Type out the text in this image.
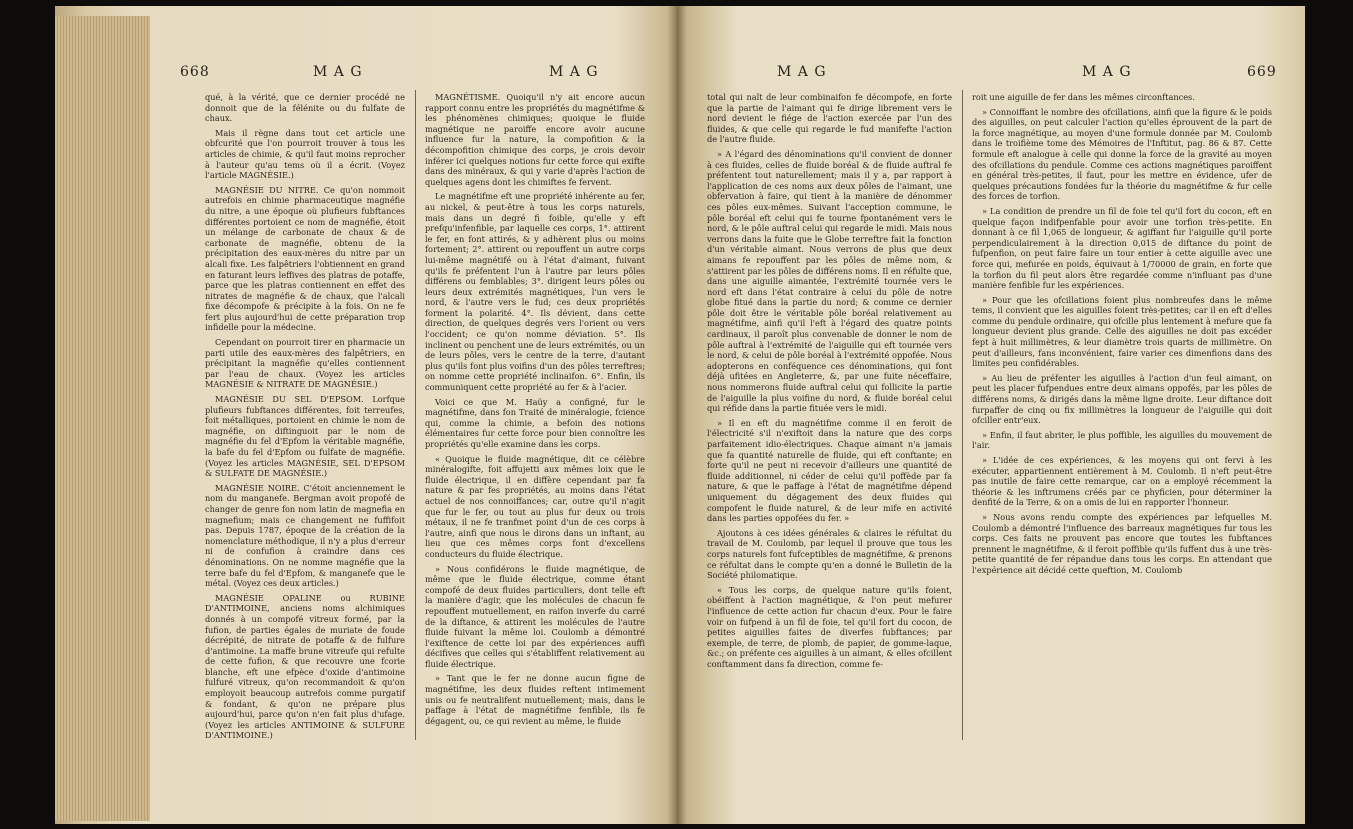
668	M A G	M A G

qué, à la vérité, que ce dernier procédé ne donnoit que de la félénite ou du fulfate de chaux.

Mais il règne dans tout cet article une obfcurité que l'on pourroit trouver à tous les articles de chimie, & qu'il faut moins reprocher à l'auteur qu'au tems où il a écrit. (Voyez l'article MAGNÉSIE.)

MAGNÉSIE DU NITRE. Ce qu'on nommoit autrefois en chimie pharmaceutique magnéfie du nitre, a une époque où plufieurs fubftances différentes portoient ce nom de magnéfie, étoit un mélange de carbonate de chaux & de carbonate de magnéfie, obtenu de la précipitation des eaux-mères du nitre par un alcali fixe. Les falpêtriers l'obtiennent en grand en faturant leurs leffives des platras de potaffe, parce que les platras contiennent en effet des nitrates de magnéfie & de chaux, que l'alcali fixe décompofe & précipite à la fois. On ne fe fert plus aujourd'hui de cette préparation trop infidelle pour la médecine.

Cependant on pourroit tirer en pharmacie un parti utile des eaux-mères des falpêtriers, en précipitant la magnéfie qu'elles contiennent par l'eau de chaux. (Voyez les articles MAGNÉSIE & NITRATE DE MAGNÉSIE.)

MAGNÉSIE DU SEL D'EPSOM. Lorfque plufieurs fubftances différentes, foit terreufes, foit métalliques, portoient en chimie le nom de magnéfie, on diftinguoit par le nom de magnéfie du fel d'Epfom la véritable magnéfie, la bafe du fel d'Epfom ou fulfate de magnéfie. (Voyez les articles MAGNÉSIE, SEL D'EPSOM & SULFATE DE MAGNÉSIE.)

MAGNÉSIE NOIRE. C'étoit anciennement le nom du manganefe. Bergman avoit propofé de changer de genre fon nom latin de magnefia en magnefium; mais ce changement ne fuffifoit pas. Depuis 1787, époque de la création de la nomenclature méthodique, il n'y a plus d'erreur ni de confufion à craindre dans ces dénominations. On ne nomme magnéfie que la terre bafe du fel d'Epfom, & manganefe que le métal. (Voyez ces deux articles.)

MAGNÉSIE OPALINE ou RUBINE D'ANTIMOINE, anciens noms alchimiques donnés à un compofé vitreux formé, par la fufion, de parties égales de muriate de foude décrépité, de nitrate de potaffe & de fulfure d'antimoine. La maffe brune vitreufe qui refulte de cette fufion, & que recouvre une fcorie blanche, eft une efpèce d'oxide d'antimoine fulfuré vitreux, qu'on recommandoit & qu'on employoit beaucoup autrefois comme purgatif & fondant, & qu'on ne prépare plus aujourd'hui, parce qu'on n'en fait plus d'ufage. (Voyez les articles ANTIMOINE & SULFURE D'ANTIMOINE.)

MAGNÉTISME. Quoiqu'il n'y ait encore aucun rapport connu entre les propriétés du magnétifme & les phénomènes chimiques; quoique le fluide magnétique ne paroiffe encore avoir aucune influence fur la nature, la compofition & la décompofition chimique des corps, je crois devoir inférer ici quelques notions fur cette force qui exifte dans des minéraux, & qui y varie d'après l'action de quelques agens dont les chimiftes fe fervent.

Le magnétifme eft une propriété inhérente au fer, au nickel, & peut-être à tous les corps naturels, mais dans un degré fi foible, qu'elle y eft prefqu'infenfible, par laquelle ces corps, 1°. attirent le fer, en font attirés, & y adhèrent plus ou moins fortement; 2°. attirent ou repouffent un autre corps lui-même magnétifé ou à l'état d'aimant, fuivant qu'ils fe préfentent l'un à l'autre par leurs pôles différens ou femblables; 3°. dirigent leurs pôles ou leurs deux extrémités magnétiques, l'un vers le nord, & l'autre vers le fud; ces deux propriétés forment la polarité. 4°. Ils dévient, dans cette direction, de quelques degrés vers l'orient ou vers l'occident; ce qu'on nomme déviation. 5°. Ils inclinent ou penchent une de leurs extrémités, ou un de leurs pôles, vers le centre de la terre, d'autant plus qu'ils font plus voifins d'un des pôles terreftres; on nomme cette propriété inclinaifon. 6°. Enfin, ils communiquent cette propriété au fer & à l'acier.

Voici ce que M. Haüy a configné, fur le magnétifme, dans fon Traité de minéralogie, fcience qui, comme la chimie, a befoin des notions élémentaires fur cette force pour bien connoître les propriétés qu'elle examine dans les corps.

« Quoique le fluide magnétique, dit ce célèbre minéralogifte, foit affujetti aux mêmes loix que le fluide électrique, il en diffère cependant par fa nature & par fes propriétés, au moins dans l'état actuel de nos connoiffances; car, outre qu'il n'agit que fur le fer, ou tout au plus fur deux ou trois métaux, il ne fe tranfmet point d'un de ces corps à l'autre, ainfi que nous le dirons dans un inftant, au lieu que ces mêmes corps font d'excellens conducteurs du fluide électrique.

» Nous confidérons le fluide magnétique, de même que le fluide électrique, comme étant compofé de deux fluides particuliers, dont telle eft la manière d'agir, que les molécules de chacun fe repouffent mutuellement, en raifon inverfe du carré de la diftance, & attirent les molécules de l'autre fluide fuivant la même loi. Coulomb a démontré l'exiftence de cette loi par des expériences auffi décifives que celles qui s'établiffent relativement au fluide électrique.

» Tant que le fer ne donne aucun figne de magnétifme, les deux fluides reftent intimement unis ou fe neutralifent mutuellement; mais, dans le paffage à l'état de magnétifme fenfible, ils fe dégagent, ou, ce qui revient au même, le fluide

M A G	M A G	669

total qui naît de leur combinaifon fe décompofe, en forte que la partie de l'aimant qui fe dirige librement vers le nord devient le fiége de l'action exercée par l'un des fluides, & que celle qui regarde le fud manifefte l'action de l'autre fluide.

» A l'égard des dénominations qu'il convient de donner à ces fluides, celles de fluide boréal & de fluide auftral fe préfentent tout naturellement; mais il y a, par rapport à l'application de ces noms aux deux pôles de l'aimant, une obfervation à faire, qui tient à la manière de dénommer ces pôles eux-mêmes. Suivant l'acception commune, le pôle boréal eft celui qui fe tourne fpontanément vers le nord, & le pôle auftral celui qui regarde le midi. Mais nous verrons dans la fuite que le Globe terreftre fait la fonction d'un véritable aimant. Nous verrons de plus que deux aimans fe repouffent par les pôles de même nom, & s'attirent par les pôles de différens noms. Il en réfulte que, dans une aiguille aimantée, l'extrémité tournée vers le nord eft dans l'état contraire à celui du pôle de notre globe fitué dans la partie du nord; & comme ce dernier pôle doit être le véritable pôle boréal relativement au magnétifme, ainfi qu'il l'eft à l'égard des quatre points cardinaux, il paroît plus convenable de donner le nom de pôle auftral à l'extrémité de l'aiguille qui eft tournée vers le nord, & celui de pôle boréal à l'extrémité oppofée. Nous adopterons en conféquence ces dénominations, qui font déjà ufitées en Angleterre, &, par une fuite néceffaire, nous nommerons fluide auftral celui qui follicite la partie de l'aiguille la plus voifine du nord, & fluide boréal celui qui réfide dans la partie fituée vers le midi.

» Il en eft du magnétifme comme il en feroit de l'électricité s'il n'exiftoit dans la nature que des corps parfaitement idio-électriques. Chaque aimant n'a jamais que fa quantité naturelle de fluide, qui eft conftante; en forte qu'il ne peut ni recevoir d'ailleurs une quantité de fluide additionnel, ni céder de celui qu'il poffède par fa nature, & que le paffage à l'état de magnétifme dépend uniquement du dégagement des deux fluides qui compofent le fluide naturel, & de leur mife en activité dans les parties oppofées du fer. »

Ajoutons à ces idées générales & claires le réfultat du travail de M. Coulomb, par lequel il prouve que tous les corps naturels font fufceptibles de magnétifme, & prenons ce réfultat dans le compte qu'en a donné le Bulletin de la Société philomatique.

« Tous les corps, de quelque nature qu'ils foient, obéiffent à l'action magnétique, & l'on peut mefurer l'influence de cette action fur chacun d'eux. Pour le faire voir on fufpend à un fil de foie, tel qu'il fort du cocon, de petites aiguilles faites de diverfes fubftances; par exemple, de terre, de plomb, de papier, de gomme-laque, &c.; on préfente ces aiguilles à un aimant, & elles ofcillent conftamment dans fa direction, comme fe-

roit une aiguille de fer dans les mêmes circonftances.

» Connoiffant le nombre des ofcillations, ainfi que la figure & le poids des aiguilles, on peut calculer l'action qu'elles éprouvent de la part de la force magnétique, au moyen d'une formule donnée par M. Coulomb dans le troifième tome des Mémoires de l'Inftitut, pag. 86 & 87. Cette formule eft analogue à celle qui donne la force de la gravité au moyen des ofcillations du pendule. Comme ces actions magnétiques paroiffent en général très-petites, il faut, pour les mettre en évidence, ufer de quelques précautions fondées fur la théorie du magnétifme & fur celle des forces de torfion.

» La condition de prendre un fil de foie tel qu'il fort du cocon, eft en quelque façon indifpenfable pour avoir une torfion très-petite. En donnant à ce fil 1,065 de longueur, & agiffant fur l'aiguille qu'il porte perpendiculairement à la direction 0,015 de diftance du point de fufpenfion, on peut faire faire un tour entier à cette aiguille avec une force qui, mefurée en poids, équivaut à 1/70000 de grain, en forte que la torfion du fil peut alors être regardée comme n'influant pas d'une manière fenfible fur les expériences.

» Pour que les ofcillations foient plus nombreufes dans le même tems, il convient que les aiguilles foient très-petites; car il en eft d'elles comme du pendule ordinaire, qui ofcille plus lentement à mefure que fa longueur devient plus grande. Celle des aiguilles ne doit pas excéder fept à huit millimètres, & leur diamètre trois quarts de millimètre. On peut d'ailleurs, fans inconvénient, faire varier ces dimenfions dans des limites peu confidérables.

» Au lieu de préfenter les aiguilles à l'action d'un feul aimant, on peut les placer fufpendues entre deux aimans oppofés, par les pôles de différens noms, & dirigés dans la même ligne droite. Leur diftance doit furpaffer de cinq ou fix millimètres la longueur de l'aiguille qui doit ofciller entr'eux.

» Enfin, il faut abriter, le plus poffible, les aiguilles du mouvement de l'air.

» L'idée de ces expériences, & les moyens qui ont fervi à les exécuter, appartiennent entièrement à M. Coulomb. Il n'eft peut-être pas inutile de faire cette remarque, car on a employé récemment la théorie & les inftrumens créés par ce phyficien, pour déterminer la denfité de la Terre, & on a omis de lui en rapporter l'honneur.

» Nous avons rendu compte des expériences par lefquelles M. Coulomb a démontré l'influence des barreaux magnétiques fur tous les corps. Ces faits ne prouvent pas encore que toutes les fubftances prennent le magnétifme, & il feroit poffible qu'ils fuffent dus à une très-petite quantité de fer répandue dans tous les corps. En attendant que l'expérience ait décidé cette queftion, M. Coulomb
